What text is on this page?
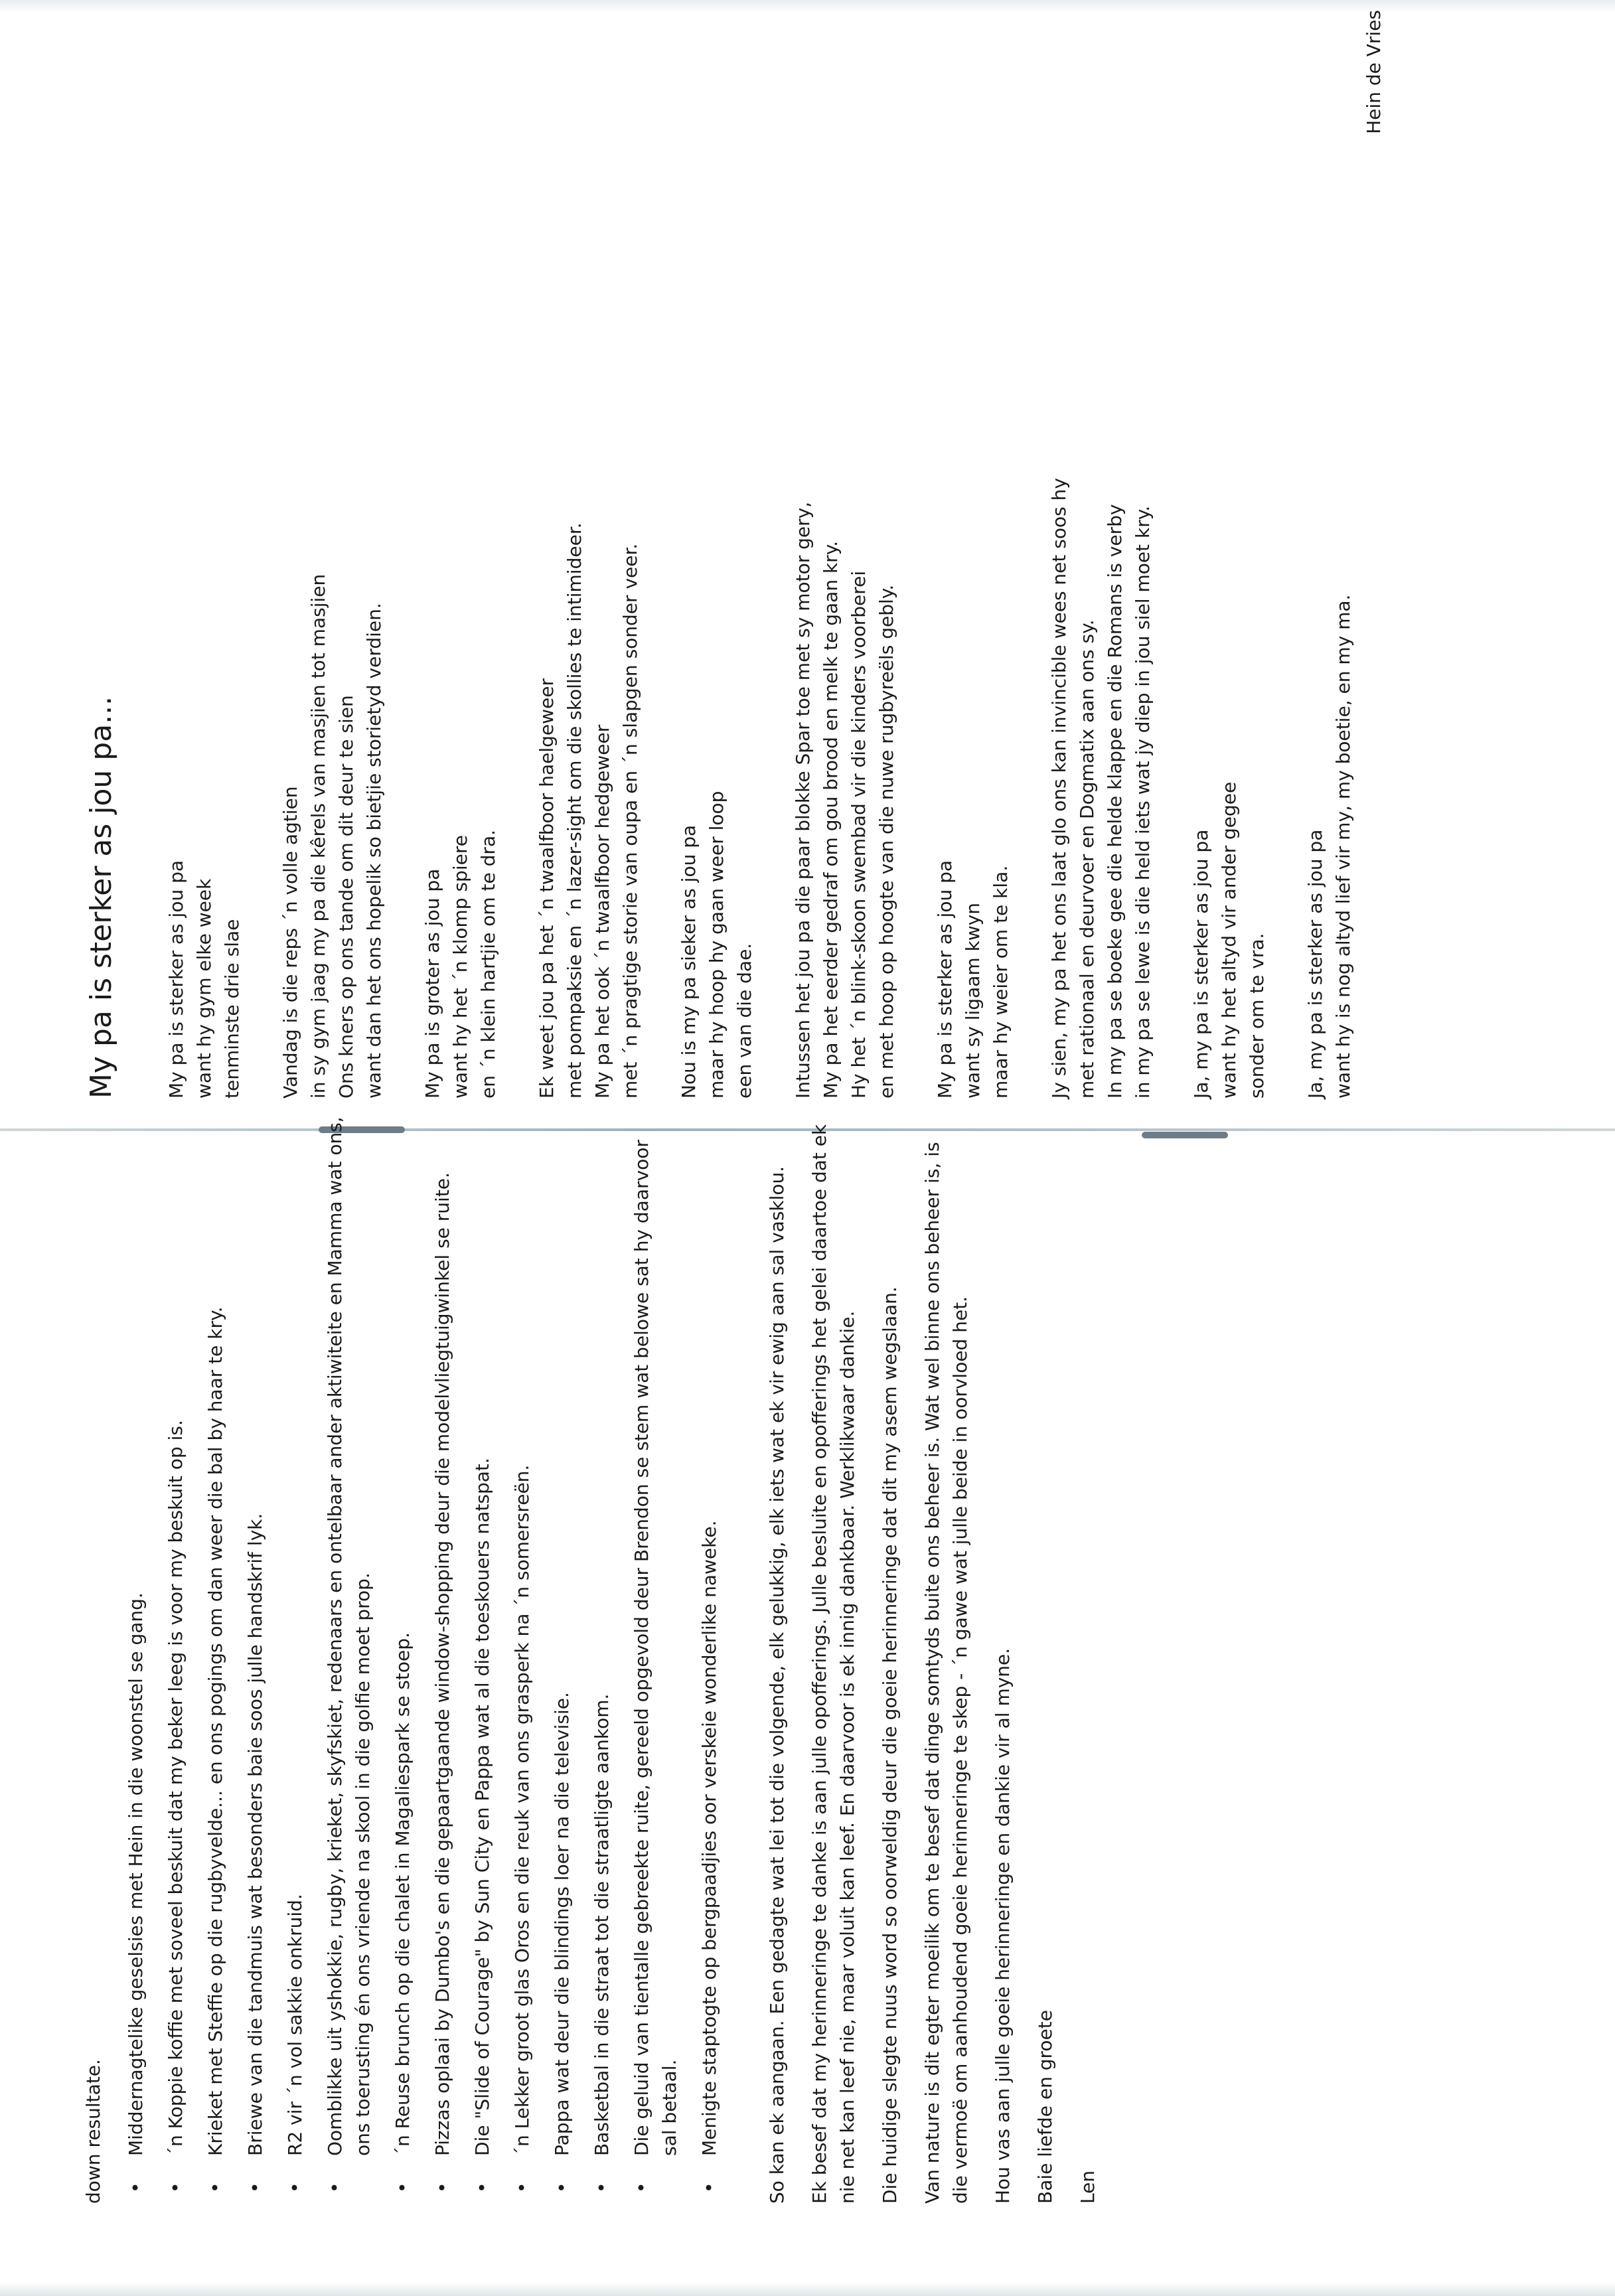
down resultate. • Middernagtelike geselsies met Hein in die woonstel se gang. • ´n Koppie koffie met soveel beskuit dat my beker leeg is voor my beskuit op is. • Krieket met Steffie op die rugbyvelde... en ons pogings om dan weer die bal by haar te kry. • Briewe van die tandmuis wat besonders baie soos julle handskrif lyk. • R2 vir ´n vol sakkie onkruid. • Oomblikke uit yshokkie, rugby, krieket, skyfskiet, redenaars en ontelbaar ander aktiwiteite en Mamma wat ons, ons toerusting én ons vriende na skool in die golfie moet prop. • ´n Reuse brunch op die chalet in Magaliespark se stoep. • Pizzas oplaai by Dumbo's en die gepaartgaande window-shopping deur die modelvliegtuigwinkel se ruite. • Die "Slide of Courage" by Sun City en Pappa wat al die toeskouers natspat. • ´n Lekker groot glas Oros en die reuk van ons grasperk na ´n somersreën. • Pappa wat deur die blindings loer na die televisie. • Basketbal in die straat tot die straatligte aankom. • Die geluid van tientalle gebreekte ruite, gereeld opgevold deur Brendon se stem wat belowe sat hy daarvoor sal betaal. • Menigte staptogte op bergpaadjies oor verskeie wonderlike naweke. So kan ek aangaan. Een gedagte wat lei tot die volgende, elk gelukkig, elk iets wat ek vir ewig aan sal vasklou. Ek besef dat my herinneringe te danke is aan julle opofferings. Julle besluite en opofferings het gelei daartoe dat ek nie net kan leef nie, maar voluit kan leef. En daarvoor is ek innig dankbaar. Werklikwaar dankie. Die huidige slegte nuus word so oorweldig deur die goeie herinneringe dat dit my asem wegslaan. Van nature is dit egter moeilik om te besef dat dinge somtyds buite ons beheer is. Wat wel binne ons beheer is, is die vermoë om aanhoudend goeie herinneringe te skep - ´n gawe wat julle beide in oorvloed het. Hou vas aan julle goeie herinneringe en dankie vir al myne. Baie liefde en groete Len

My pa is sterker as jou pa...	My pa is sterker as jou pa want hy gym elke week tenminste drie slae Vandag is die reps ´n volle agtien in sy gym jaag my pa die kêrels van masjien tot masjien Ons kners op ons tande om dit deur te sien want dan het ons hopelik so bietjie storietyd verdien. My pa is groter as jou pa want hy het ´n klomp spiere en ´n klein hartjie om te dra. Ek weet jou pa het ´n twaalfboor haelgeweer met pompaksie en ´n lazer-sight om die skollies te intimideer. My pa het ook ´n twaalfboor hedgeweer met ´n pragtige storie van oupa en ´n slapgen sonder veer. Nou is my pa sieker as jou pa maar hy hoop hy gaan weer loop een van die dae. Intussen het jou pa die paar blokke Spar toe met sy motor gery, My pa het eerder gedraf om gou brood en melk te gaan kry. Hy het ´n blink-skoon swembad vir die kinders voorberei en met hoop op hoogte van die nuwe rugbyreëls gebly. My pa is sterker as jou pa want sy ligaam kwyn maar hy weier om te kla. Jy sien, my pa het ons laat glo ons kan invincible wees net soos hy met rationaal en deurvoer en Dogmatix aan ons sy. In my pa se boeke gee die helde klappe en die Romans is verby in my pa se lewe is die held iets wat jy diep in jou siel moet kry. Ja, my pa is sterker as jou pa want hy het altyd vir ander gegee sonder om te vra. Ja, my pa is sterker as jou pa want hy is nog altyd lief vir my, my boetie, en my ma.
Hein de Vries
